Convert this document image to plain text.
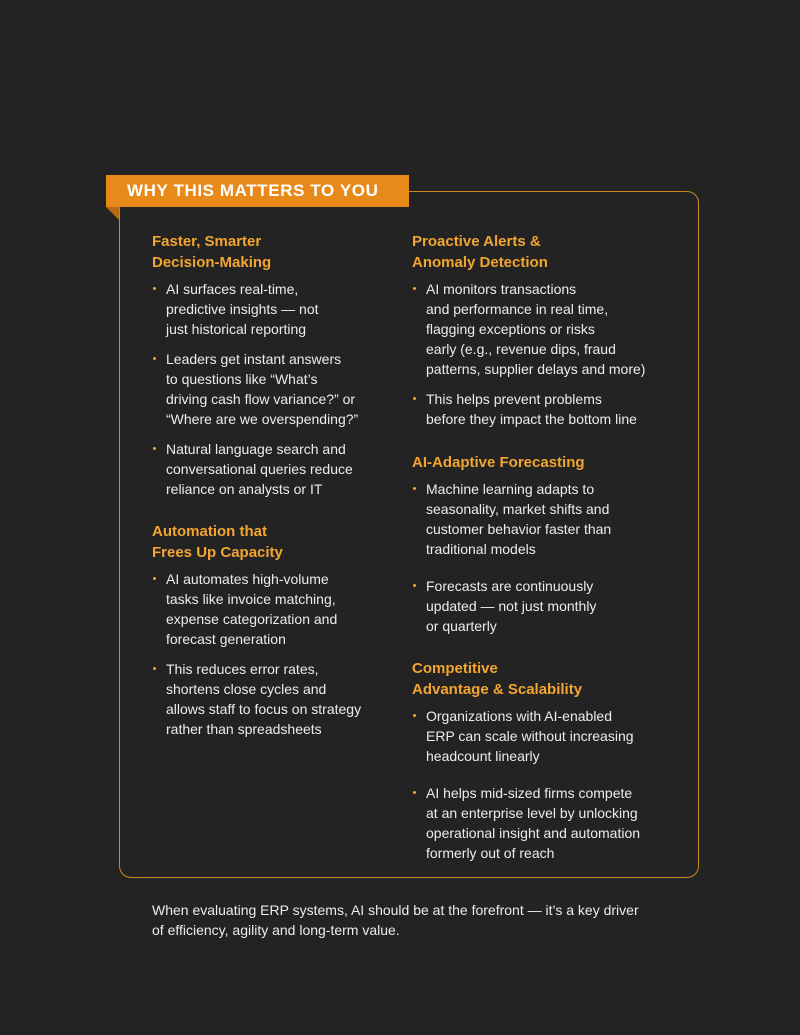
WHY THIS MATTERS TO YOU
Faster, Smarter
Decision-Making
AI surfaces real-time,
predictive insights — not
just historical reporting
Leaders get instant answers
to questions like “What’s
driving cash flow variance?” or
“Where are we overspending?”
Natural language search and
conversational queries reduce
reliance on analysts or IT
Automation that
Frees Up Capacity
AI automates high-volume
tasks like invoice matching,
expense categorization and
forecast generation
This reduces error rates,
shortens close cycles and
allows staff to focus on strategy
rather than spreadsheets
Proactive Alerts &
Anomaly Detection
AI monitors transactions
and performance in real time,
flagging exceptions or risks
early (e.g., revenue dips, fraud
patterns, supplier delays and more)
This helps prevent problems
before they impact the bottom line
AI-Adaptive Forecasting
Machine learning adapts to
seasonality, market shifts and
customer behavior faster than
traditional models
Forecasts are continuously
updated — not just monthly
or quarterly
Competitive
Advantage & Scalability
Organizations with AI-enabled
ERP can scale without increasing
headcount linearly
AI helps mid-sized firms compete
at an enterprise level by unlocking
operational insight and automation
formerly out of reach
When evaluating ERP systems, AI should be at the forefront — it’s a key driver
of efficiency, agility and long-term value.
